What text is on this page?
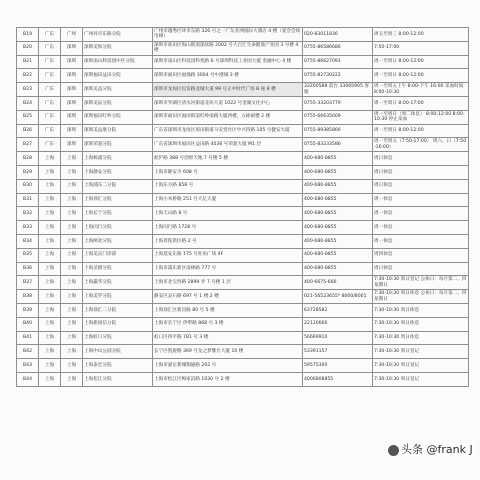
B19	广东	广州	广州环市东路分院	广州市越秀区环市东路 326 号之一广东亚洲国际大酒店 4 楼（宴会会场电梯）	020-83011836	周五至周三 8:00-12:00
B20	广东	深圳	深圳美和分院	深圳市盐田区海山街道深盐路 2002 号大百汇生命健康产业园 3 号楼 4 楼	0755-86586686	7:50-17:00
B21	广东	深圳	深圳南山科技园中区分院	深圳市南山区科技园科苑路 6 号深圳科技工业园大厦 金融中心 4 楼	0755-86627091	周一至周日 8:00-12:00
B22	广东	深圳	深圳福田益田分院	深圳市福田区福强路 3004 号中港城 3 楼	0755-82730222	周一至周日 8:00-12:00
B23	广东	深圳	深圳美益分院	深圳市龙岗区民发路龙城大道 99 号正中时代广场 B 座 8 楼	33200588 前台 33065905 客服	周一至周五上午 8:00-下午 16:00 采血时间 8:00-10:30
B24	广东	深圳	深圳美辰分院	深圳市罗湖区清水河街道北环大道 1022 号金湖文化中心	0755-33203779	周一至周日 8:00-17:00
B25	广东	深圳	深圳福田红岭分院	深圳市福田区福田街道红岭南路大厦西楼，五栋裙楼 2 楼	0755-66635609	周一至周日（周二休息） 8:00-12:00 8:00-10:30 停止采血
B26	广东	深圳	深圳美益康分院	广东省深圳市龙岗区坂田街道马安堂社区中兴四路 105 号健安大厦	0755-89385866	周一至周日 8:00-12:00
B27	广东	深圳	深圳荣超分院	广东省深圳市福田区益田路 4036 号荣超大厦 M1 层	0755-83233586	周一至周五（7:50-17:00） 周六、日（7:50-16:00）
B28	上海	上海	上海杨浦分院	淞沪路 388 号创智天地 7 号楼 5 楼	400-680-8855	周日休息
B29	上海	上海	上海静安分院	上海市静安寺 608 号	400-680-8855	周日休息
B30	上海	上海	上海浦东二分院	上海东方路 858 号	400-680-8855	周日休息
B31	上海	上海	上海徐汇分院	上海小木桥路 251 号天亿大厦	400-680-8855	周一休息
B32	上海	上海	上海长宁分院	上海天山路 8 号	400-680-8855	周一休息
B33	上海	上海	上海闵行分院	上海闵行路 1728 号	400-680-8855	周一休息
B34	上海	上海	上海闸北分院	上海普陀新区路 2 号	400-680-8855	周一休息
B35	上海	上海	上海美宣门诊部	上海延安东路 175 号旺角广场 4F	400-680-8855	周四休息
B36	上海	上海	上海圣德分院	上海市浦东新区南林路 777 号	400-680-8855	周日休息
B37	上海	上海	上海赢华分院	上海市北宝西路 2899 弄 7 号楼 1 层	400-6675-666	7:30-10:30 周日登记 公休日：每月第二、四星期日
B38	上海	上海	上海美罗分院	静安区灵石路 697 号 1 楼 2 楼	021-56523655* 8000/8001	7:30-10:30 周日休息 公休日：每月第二、四星期日
B39	上海	上海	上海徐汇二分院	上海徐汇区新昌路 80 号 5 楼	63728582	7:30-10:30 周日休息
B40	上海	上海	上海新国信分院	上海市长宁区 伊犁路 868 号 3 楼	22130666	7:30-10:30 周日休息
B41	上海	上海	上海虹口分院	虹口区四平路 781 号 3 楼	56669910	7:30-10:30 周日休息
B42	上海	上海	上海中山公园分院	长宁区凯旋路 369 号龙之梦雅仕大厦 10 楼	53391157	7:30-10:30 周日登记
B43	上海	上海	上海泰宏分院	上海市嘉定新城翔通路 202 号	59575300	7:30-10:30 周日登记
B44	上海	上海	上海松江分院	上海市松江区梅家浜路 1030 号 2 楼	4006808855	7:30-10:30 周日登记
头条 @frank J
